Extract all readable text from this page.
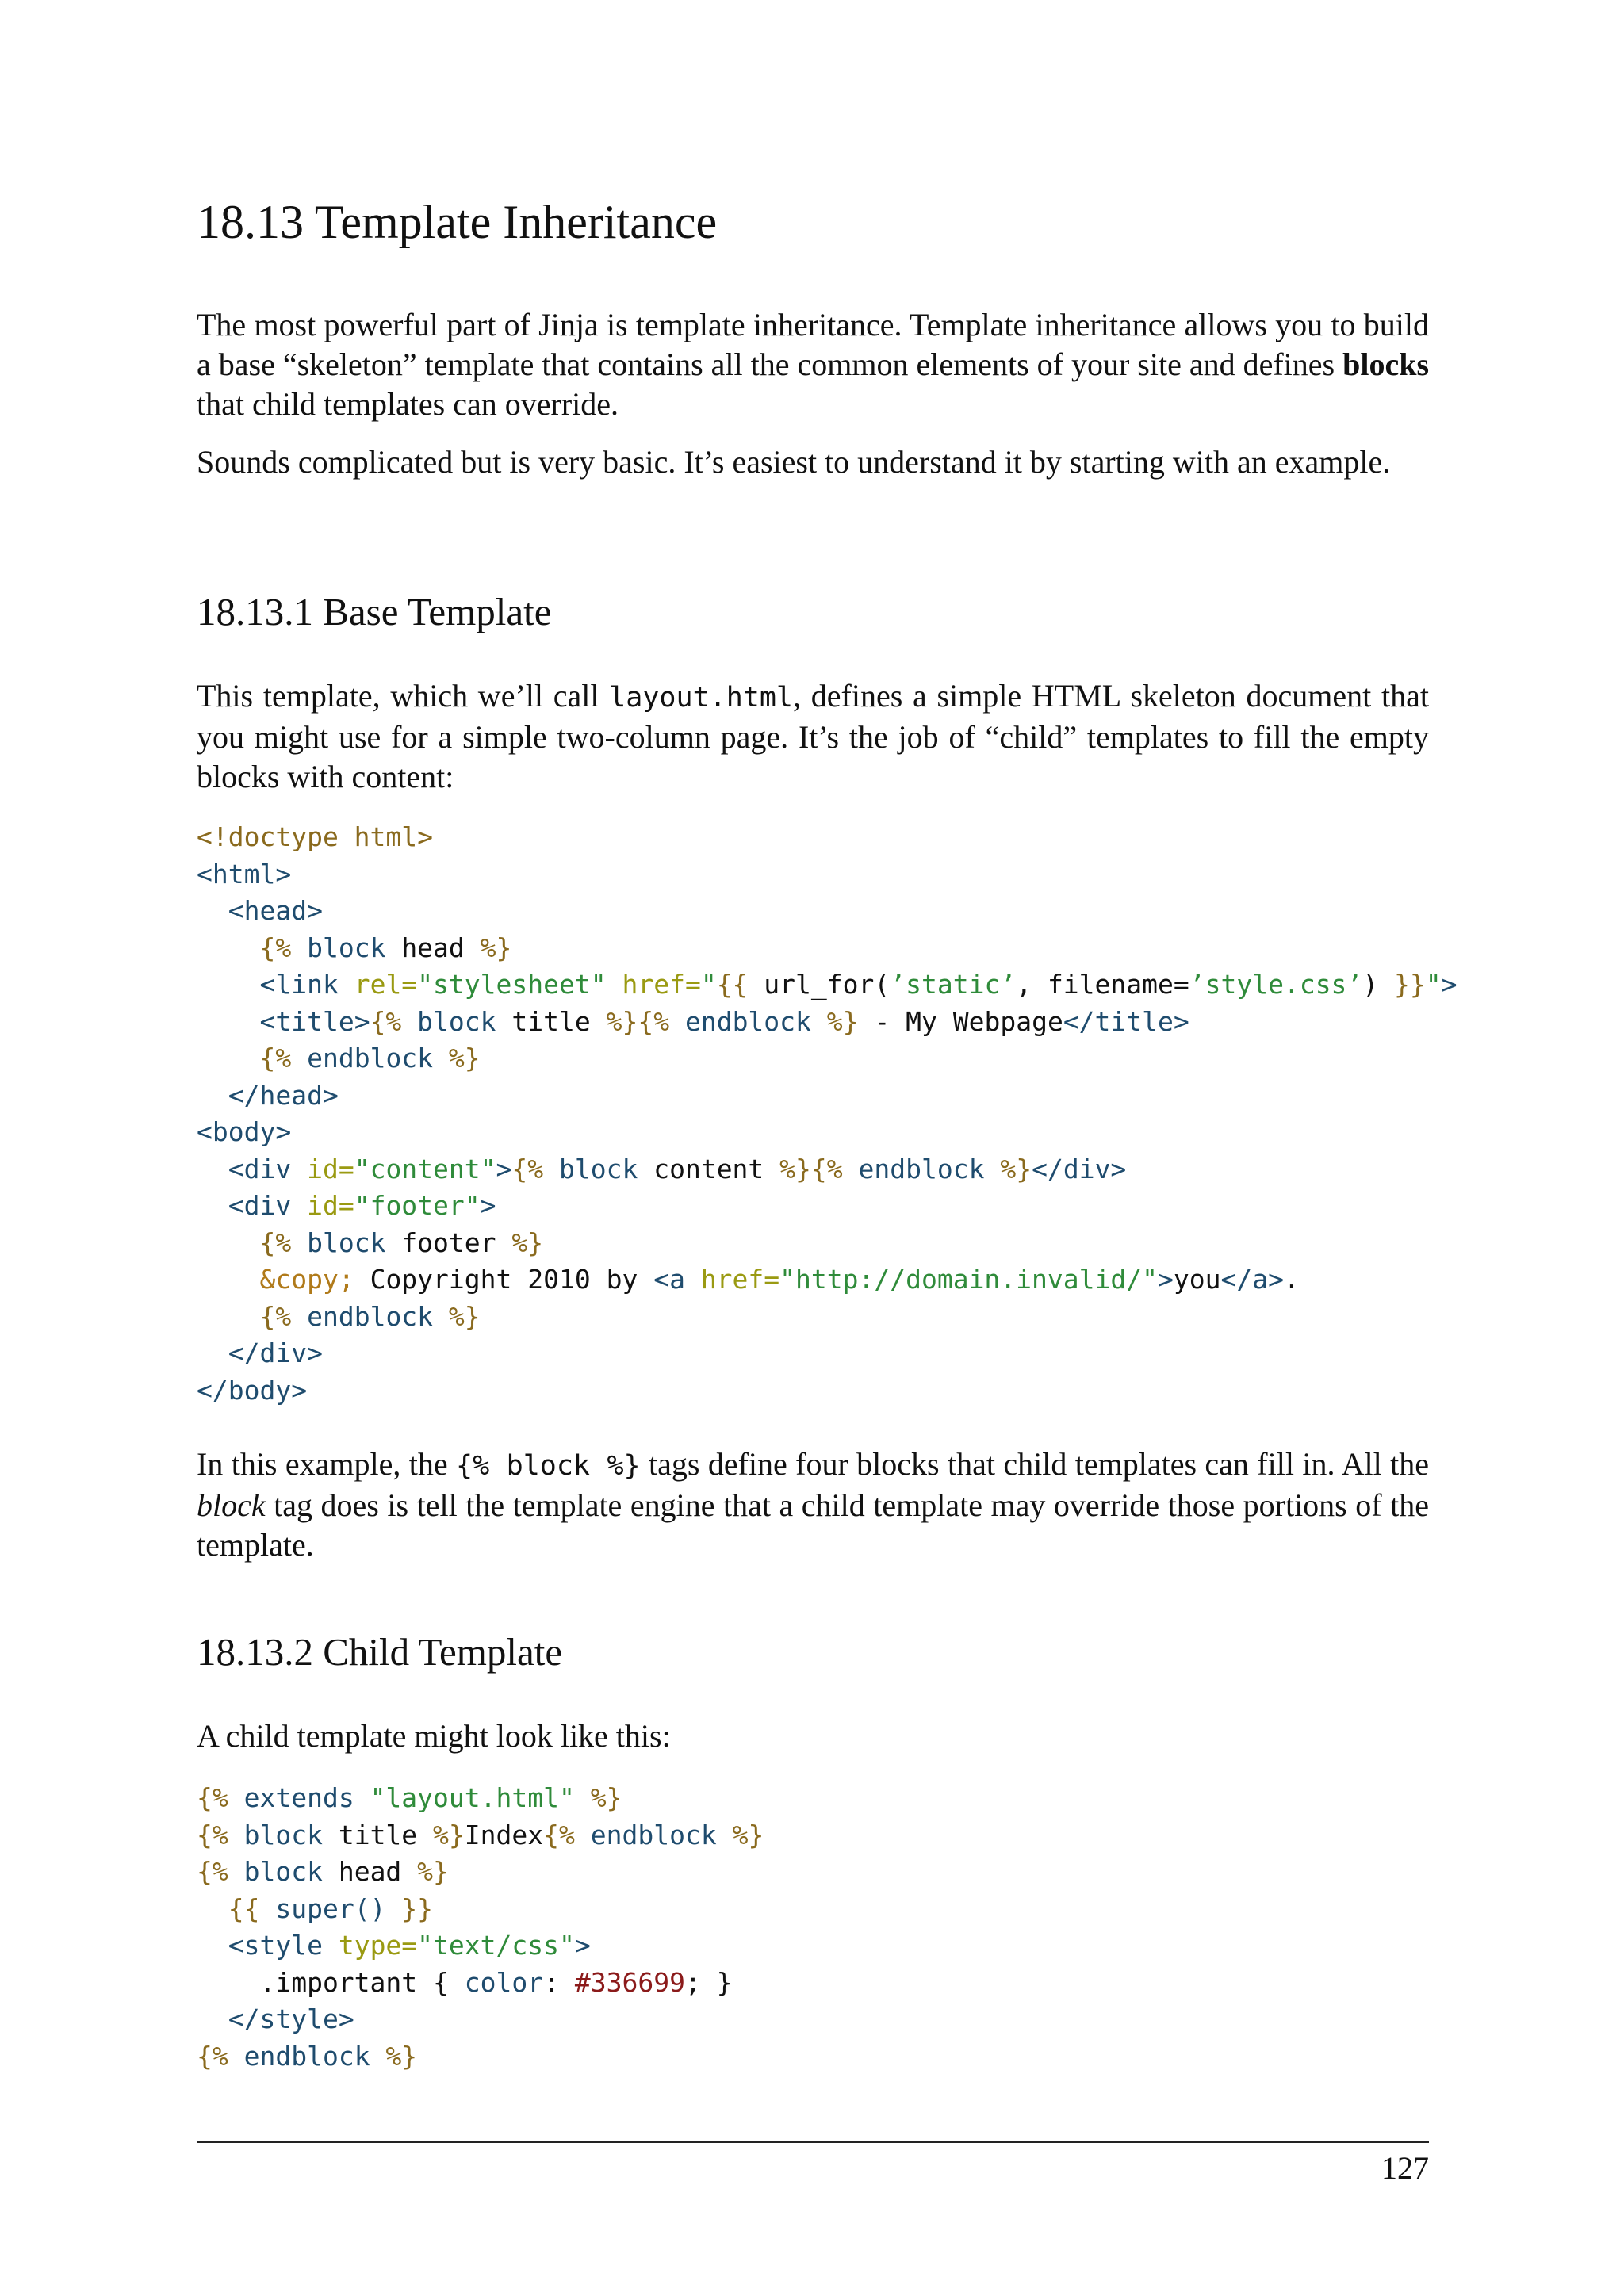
18.13 Template Inheritance

The most powerful part of Jinja is template inheritance. Template inheritance allows you to build a base “skeleton” template that contains all the common elements of your site and defines blocks that child templates can override.

Sounds complicated but is very basic. It’s easiest to understand it by starting with an example.

18.13.1 Base Template

This template, which we’ll call layout.html, defines a simple HTML skeleton document that you might use for a simple two-column page. It’s the job of “child” templates to fill the empty blocks with content:

<!doctype html>
<html>
<head>
{% block head %}
<link rel="stylesheet" href="{{ url_for(’static’, filename=’style.css’) }}">
<title>{% block title %}{% endblock %} - My Webpage</title>
{% endblock %}
</head>
<body>
<div id="content">{% block content %}{% endblock %}</div>
<div id="footer">
{% block footer %}
&copy; Copyright 2010 by <a href="http://domain.invalid/">you</a>.
{% endblock %}
</div>
</body>

In this example, the {% block %} tags define four blocks that child templates can fill in. All the block tag does is tell the template engine that a child template may override those portions of the template.

18.13.2 Child Template

A child template might look like this:

{% extends "layout.html" %}
{% block title %}Index{% endblock %}
{% block head %}
{{ super() }}
<style type="text/css">
.important { color: #336699; }
</style>
{% endblock %}
127
